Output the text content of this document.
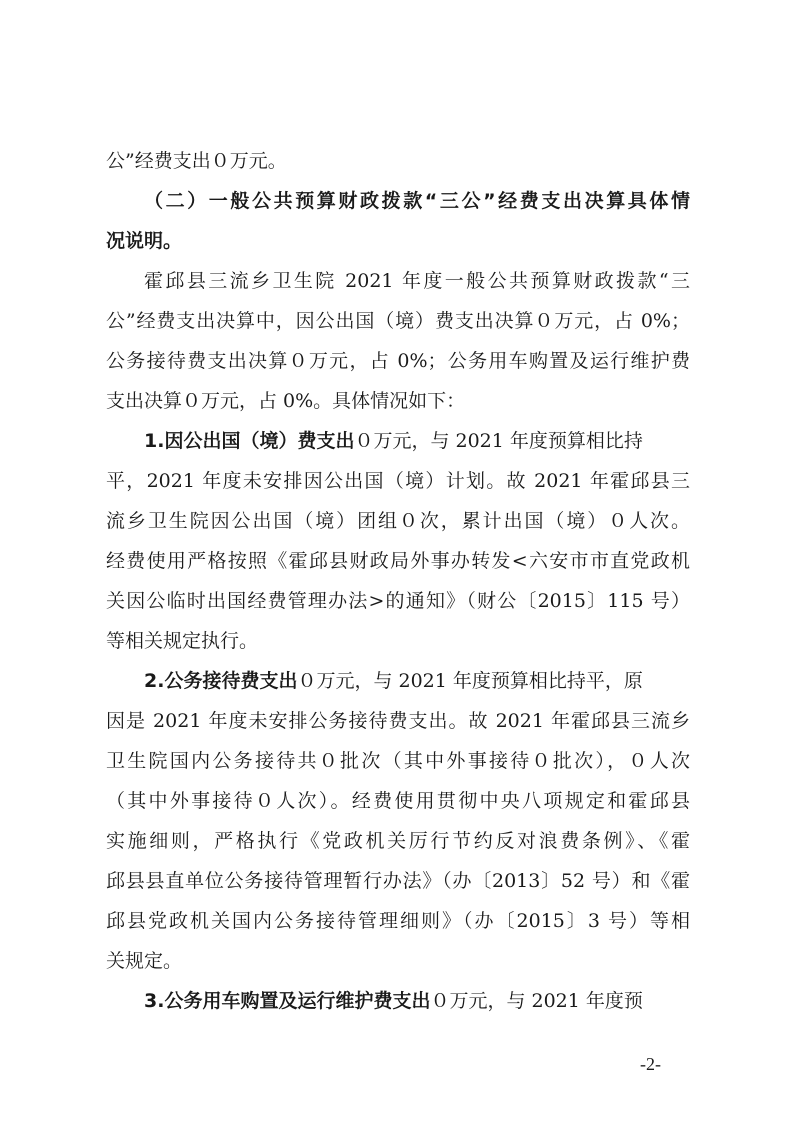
公”经费支出０万元。
（二）一般公共预算财政拨款“三公”经费支出决算具体情
况说明。
霍邱县三流乡卫生院 2021 年度一般公共预算财政拨款“三
公”经费支出决算中，因公出国（境）费支出决算０万元，占 0%；
公务接待费支出决算０万元，占 0%；公务用车购置及运行维护费
支出决算０万元，占 0%。具体情况如下：
1.因公出国（境）费支出０万元，与 2021 年度预算相比持
平，2021 年度未安排因公出国（境）计划。故 2021 年霍邱县三
流乡卫生院因公出国（境）团组０次，累计出国（境）０人次。
经费使用严格按照《霍邱县财政局外事办转发<六安市市直党政机
关因公临时出国经费管理办法>的通知》（财公〔2015〕115 号）
等相关规定执行。
2.公务接待费支出０万元，与 2021 年度预算相比持平，原
因是 2021 年度未安排公务接待费支出。故 2021 年霍邱县三流乡
卫生院国内公务接待共０批次（其中外事接待０批次），０人次
（其中外事接待０人次）。经费使用贯彻中央八项规定和霍邱县
实施细则，严格执行《党政机关厉行节约反对浪费条例》、《霍
邱县县直单位公务接待管理暂行办法》（办〔2013〕52 号）和《霍
邱县党政机关国内公务接待管理细则》（办〔2015〕3 号）等相
关规定。
3.公务用车购置及运行维护费支出０万元，与 2021 年度预
-2-
